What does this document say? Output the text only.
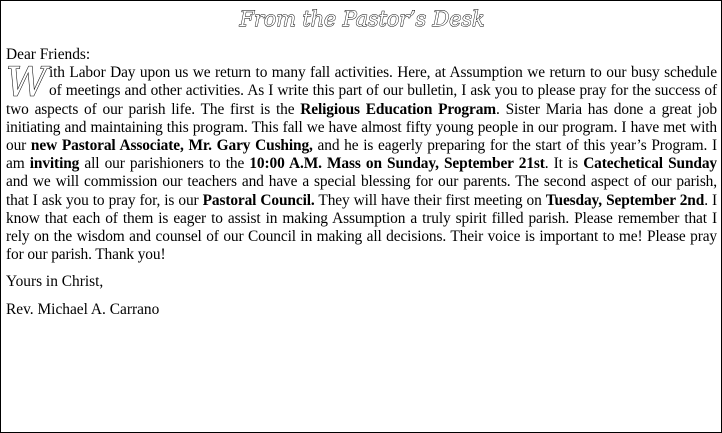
From the Pastor’s Desk

Dear Friends:

With Labor Day upon us we return to many fall activities. Here, at Assumption we return to our busy schedule of meetings and other activities. As I write this part of our bulletin, I ask you to please pray for the success of two aspects of our parish life. The first is the Religious Education Program. Sister Maria has done a great job initiating and maintaining this program. This fall we have almost fifty young people in our program. I have met with our new Pastoral Associate, Mr. Gary Cushing, and he is eagerly preparing for the start of this year’s Program. I am inviting all our parishioners to the 10:00 A.M. Mass on Sunday, September 21st. It is Catechetical Sunday and we will commission our teachers and have a special blessing for our parents. The second aspect of our parish, that I ask you to pray for, is our Pastoral Council. They will have their first meeting on Tuesday, September 2nd. I know that each of them is eager to assist in making Assumption a truly spirit filled parish. Please remember that I rely on the wisdom and counsel of our Council in making all decisions. Their voice is important to me! Please pray for our parish. Thank you!

Yours in Christ,

Rev. Michael A. Carrano
